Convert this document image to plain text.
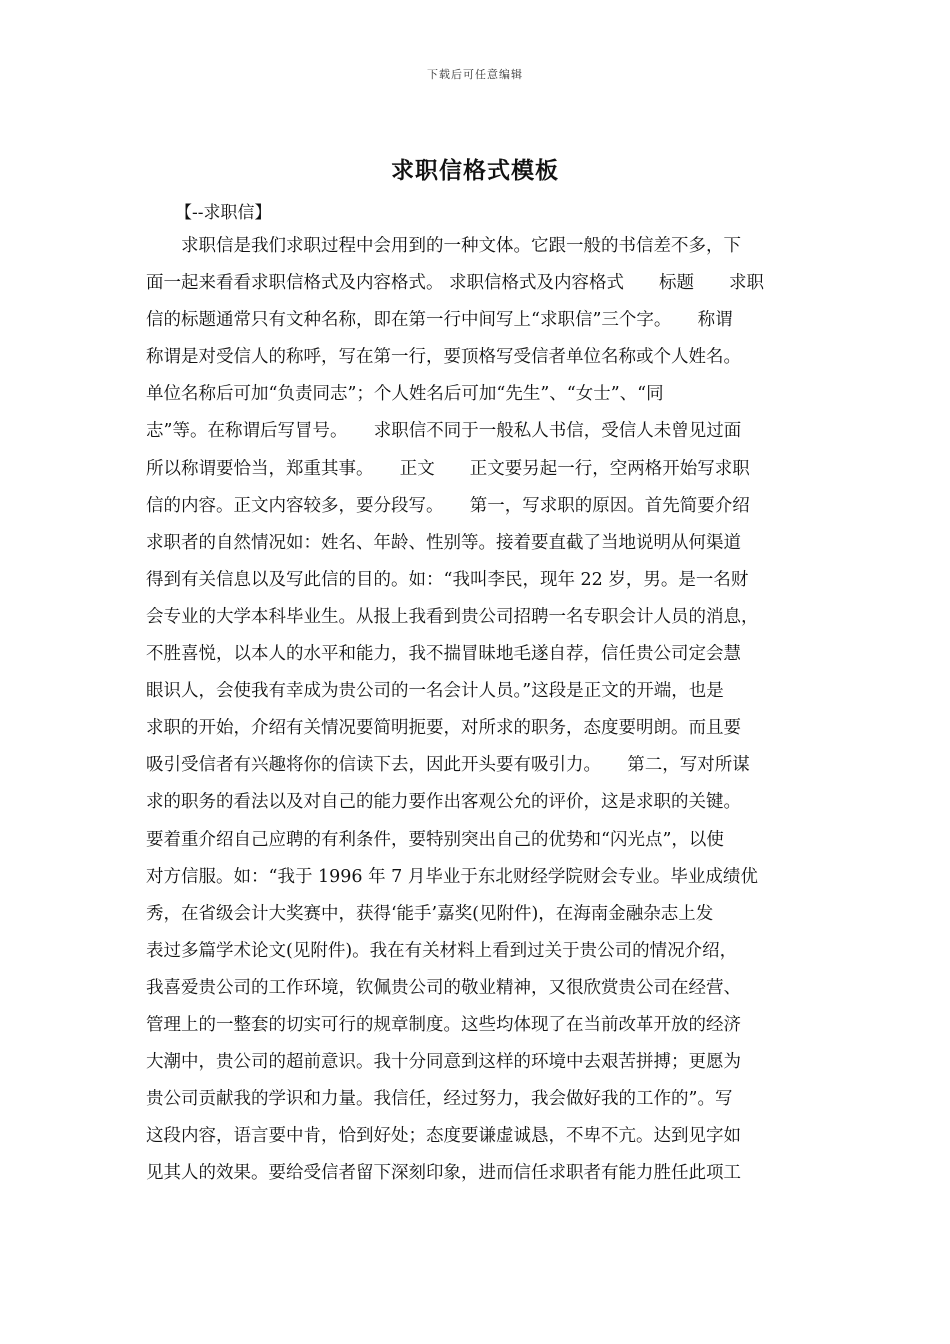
下载后可任意编辑
求职信格式模板
【--求职信】
　　求职信是我们求职过程中会用到的一种文体。它跟一般的书信差不多，下
面一起来看看求职信格式及内容格式。 求职信格式及内容格式　　标题　　求职
信的标题通常只有文种名称，即在第一行中间写上“求职信”三个字。　　称谓
称谓是对受信人的称呼，写在第一行，要顶格写受信者单位名称或个人姓名。
单位名称后可加“负责同志”；个人姓名后可加“先生”、“女士”、“同
志”等。在称谓后写冒号。　　求职信不同于一般私人书信，受信人未曾见过面
所以称谓要恰当，郑重其事。　　正文　　正文要另起一行，空两格开始写求职
信的内容。正文内容较多，要分段写。　　第一，写求职的原因。首先简要介绍
求职者的自然情况如：姓名、年龄、性别等。接着要直截了当地说明从何渠道
得到有关信息以及写此信的目的。如：“我叫李民，现年 22 岁，男。是一名财
会专业的大学本科毕业生。从报上我看到贵公司招聘一名专职会计人员的消息，
不胜喜悦，以本人的水平和能力，我不揣冒昧地毛遂自荐，信任贵公司定会慧
眼识人，会使我有幸成为贵公司的一名会计人员。”这段是正文的开端，也是
求职的开始，介绍有关情况要简明扼要，对所求的职务，态度要明朗。而且要
吸引受信者有兴趣将你的信读下去，因此开头要有吸引力。　　第二，写对所谋
求的职务的看法以及对自己的能力要作出客观公允的评价，这是求职的关键。
要着重介绍自己应聘的有利条件，要特别突出自己的优势和“闪光点”，以使
对方信服。如：“我于 1996 年 7 月毕业于东北财经学院财会专业。毕业成绩优
秀，在省级会计大奖赛中，获得‘能手’嘉奖(见附件)，在海南金融杂志上发
表过多篇学术论文(见附件)。我在有关材料上看到过关于贵公司的情况介绍，
我喜爱贵公司的工作环境，钦佩贵公司的敬业精神，又很欣赏贵公司在经营、
管理上的一整套的切实可行的规章制度。这些均体现了在当前改革开放的经济
大潮中，贵公司的超前意识。我十分同意到这样的环境中去艰苦拼搏；更愿为
贵公司贡献我的学识和力量。我信任，经过努力，我会做好我的工作的”。写
这段内容，语言要中肯，恰到好处；态度要谦虚诚恳，不卑不亢。达到见字如
见其人的效果。要给受信者留下深刻印象，进而信任求职者有能力胜任此项工
